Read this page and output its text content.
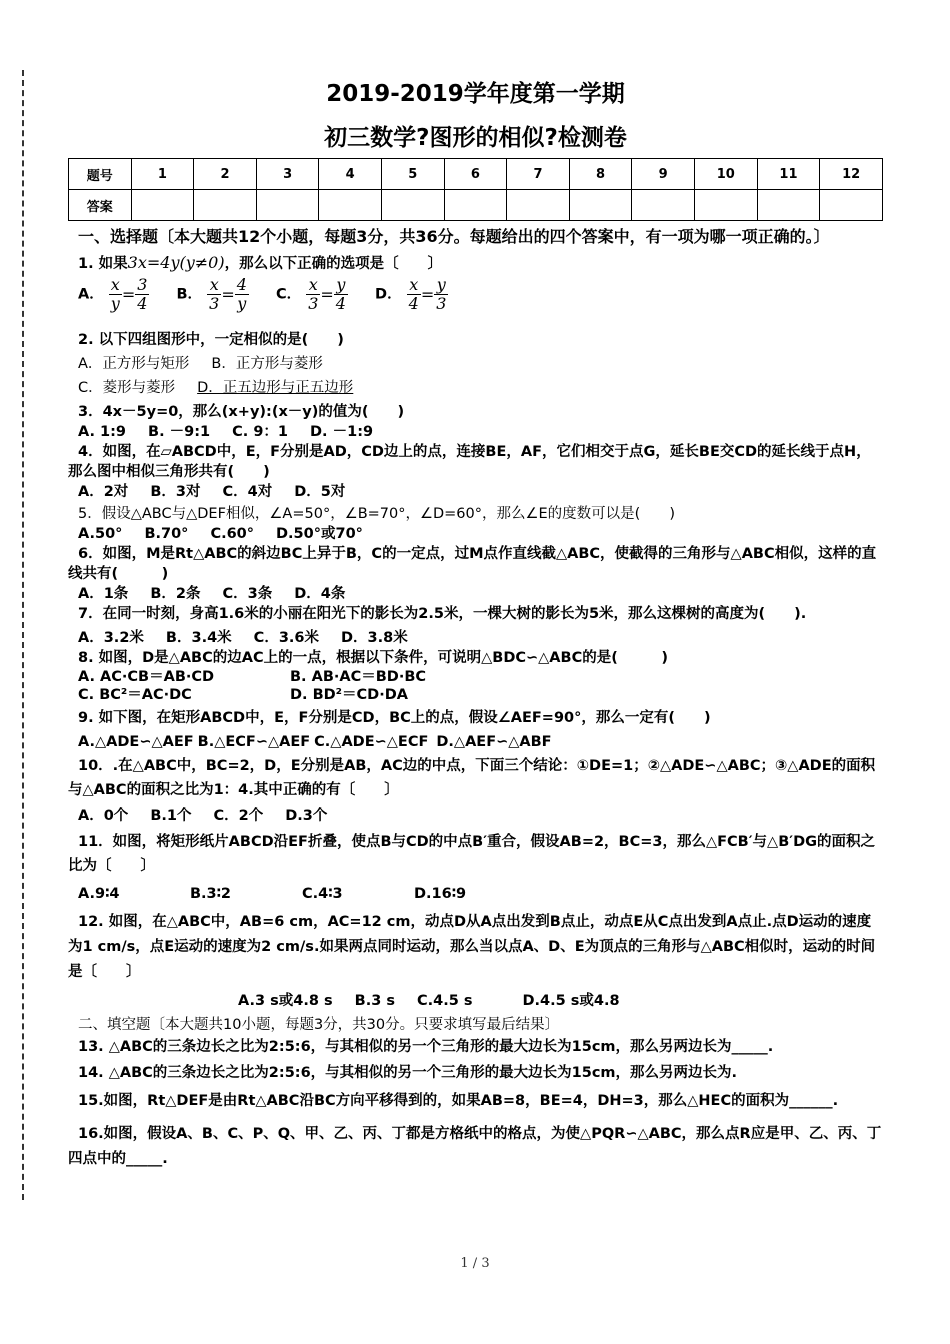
2019-2019学年度第一学期
初三数学?图形的相似?检测卷
题号	1	2	3	4	5	6	7	8	9	10	11	12
答案												
一、选择题〔本大题共12个小题，每题3分，共36分。每题给出的四个答案中，有一项为哪一项正确的。〕
1. 如果3x=4y(y≠0)，那么以下正确的选项是〔　　〕
A． $\frac{x}{y} = \frac{3}{4}$ B． $\frac{x}{3} = \frac{4}{y}$ C． $\frac{x}{3} = \frac{y}{4}$ D． $\frac{x}{4} = \frac{y}{3}$
2. 以下四组图形中，一定相似的是(　　)
A．正方形与矩形 B．正方形与菱形
C．菱形与菱形 D．正五边形与正五边形
3．4x－5y=0，那么(x+y):(x－y)的值为(　　)
A. 1:9 B. －9:1 C. 9：1 D. －1:9
4．如图，在▱ABCD中，E，F分别是AD，CD边上的点，连接BE，AF，它们相交于点G，延长BE交CD的延长线于点H，那么图中相似三角形共有(　　)
A．2对 B．3对 C．4对 D．5对
5．假设△ABC与△DEF相似，∠A=50°，∠B=70°，∠D=60°，那么∠E的度数可以是(　　)
A.50° B.70° C.60° D.50°或70°
6．如图，M是Rt△ABC的斜边BC上异于B，C的一定点，过M点作直线截△ABC，使截得的三角形与△ABC相似，这样的直线共有(　　　)
A．1条 B．2条 C．3条 D．4条
7．在同一时刻，身高1.6米的小丽在阳光下的影长为2.5米，一棵大树的影长为5米，那么这棵树的高度为(　　).
A．3.2米 B．3.4米 C．3.6米 D．3.8米
8. 如图，D是△ABC的边AC上的一点，根据以下条件，可说明△BDC∽△ABC的是(　　　)
A. AC·CB＝AB·CD	B. AB·AC＝BD·BC
C. BC²＝AC·DC	D. BD²＝CD·DA
9. 如下图，在矩形ABCD中，E，F分别是CD，BC上的点，假设∠AEF=90°，那么一定有(　　)
A.△ADE∽△AEF B.△ECF∽△AEF C.△ADE∽△ECF D.△AEF∽△ABF
10．.在△ABC中，BC=2，D，E分别是AB，AC边的中点，下面三个结论：①DE=1；②△ADE∽△ABC；③△ADE的面积与△ABC的面积之比为1：4.其中正确的有〔　　〕
A．0个 B.1个 C．2个 D.3个
11．如图，将矩形纸片ABCD沿EF折叠，使点B与CD的中点B′重合，假设AB=2，BC=3，那么△FCB′与△B′DG的面积之比为〔　　〕
A.9∶4	B.3∶2	C.4∶3	D.16∶9
12. 如图，在△ABC中，AB=6 cm，AC=12 cm，动点D从A点出发到B点止，动点E从C点出发到A点止.点D运动的速度为1 cm/s，点E运动的速度为2 cm/s.如果两点同时运动，那么当以点A、D、E为顶点的三角形与△ABC相似时，运动的时间是〔　　〕
A.3 s或4.8 s B.3 s C.4.5 s	D.4.5 s或4.8
二、填空题〔本大题共10小题，每题3分，共30分。只要求填写最后结果〕
13. △ABC的三条边长之比为2:5:6，与其相似的另一个三角形的最大边长为15cm，那么另两边长为_____.
14. △ABC的三条边长之比为2:5:6，与其相似的另一个三角形的最大边长为15cm，那么另两边长为.
15.如图，Rt△DEF是由Rt△ABC沿BC方向平移得到的，如果AB=8，BE=4，DH=3，那么△HEC的面积为______.
16.如图，假设A、B、C、P、Q、甲、乙、丙、丁都是方格纸中的格点，为使△PQR∽△ABC，那么点R应是甲、乙、丙、丁四点中的_____.
1 / 3
